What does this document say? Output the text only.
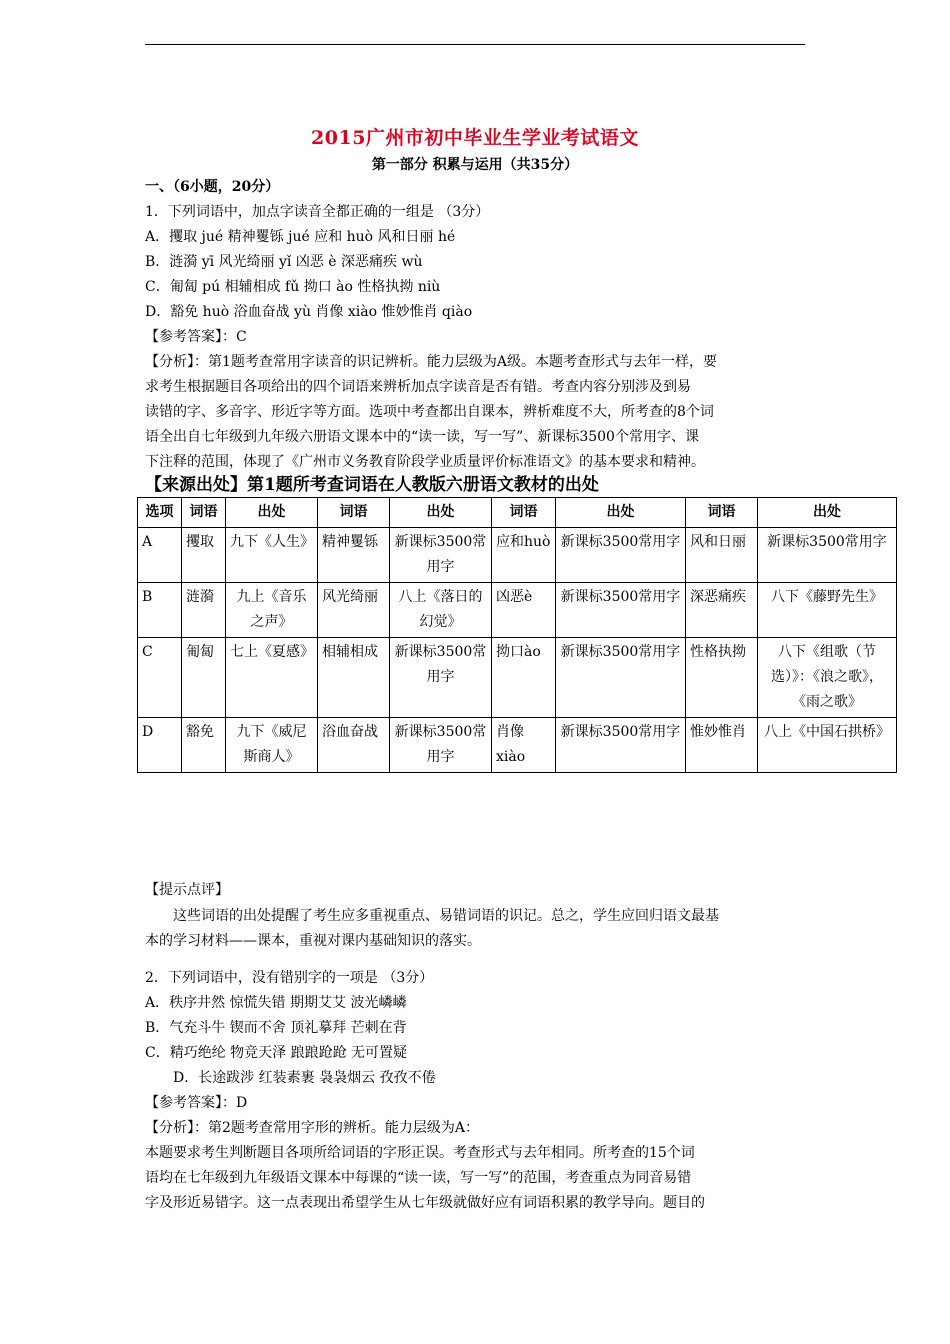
2015广州市初中毕业生学业考试语文
第一部分 积累与运用（共35分）
一、（6小题，20分）
1．下列词语中，加点字读音全都正确的一组是 （3分）
A．攫取 jué 精神矍铄 jué 应和 huò 风和日丽 hé
B．涟漪 yī 风光绮丽 yǐ 凶恶 è 深恶痛疾 wù
C．匍匐 pú 相辅相成 fǔ 拗口 ào 性格执拗 niù
D．豁免 huò 浴血奋战 yù 肖像 xiào 惟妙惟肖 qiào
【参考答案】：C
【分析】：第1题考查常用字读音的识记辨析。能力层级为A级。本题考查形式与去年一样，要
求考生根据题目各项给出的四个词语来辨析加点字读音是否有错。考查内容分别涉及到易
读错的字、多音字、形近字等方面。选项中考查都出自课本，辨析难度不大，所考查的8个词
语全出自七年级到九年级六册语文课本中的“读一读，写一写”、新课标3500个常用字、课
下注释的范围，体现了《广州市义务教育阶段学业质量评价标准语文》的基本要求和精神。
【来源出处】第1题所考查词语在人教版六册语文教材的出处
选项	词语	出处	词语	出处	词语	出处	词语	出处
A	攫取	九下《人生》	精神矍铄	新课标3500常用字	应和huò	新课标3500常用字	风和日丽	新课标3500常用字
B	涟漪	九上《音乐之声》	风光绮丽	八上《落日的幻觉》	凶恶è	新课标3500常用字	深恶痛疾	八下《藤野先生》
C	匍匐	七上《夏感》	相辅相成	新课标3500常用字	拗口ào	新课标3500常用字	性格执拗	八下《组歌（节选）》：《浪之歌》，《雨之歌》
D	豁免	九下《威尼斯商人》	浴血奋战	新课标3500常用字	肖像xiào	新课标3500常用字	惟妙惟肖	八上《中国石拱桥》
【提示点评】
这些词语的出处提醒了考生应多重视重点、易错词语的识记。总之，学生应回归语文最基
本的学习材料——课本，重视对课内基础知识的落实。
2．下列词语中，没有错别字的一项是 （3分）
A．秩序井然 惊慌失错 期期艾艾 波光嶙嶙
B．气充斗牛 锲而不舍 顶礼摹拜 芒刺在背
C．精巧绝纶 物竞天泽 踉踉跄跄 无可置疑
D．长途跋涉 红装素裹 袅袅烟云 孜孜不倦
【参考答案】：D
【分析】：第2题考查常用字形的辨析。能力层级为A：
本题要求考生判断题目各项所给词语的字形正误。考查形式与去年相同。所考查的15个词
语均在七年级到九年级语文课本中每课的“读一读，写一写”的范围，考查重点为同音易错
字及形近易错字。这一点表现出希望学生从七年级就做好应有词语积累的教学导向。题目的
